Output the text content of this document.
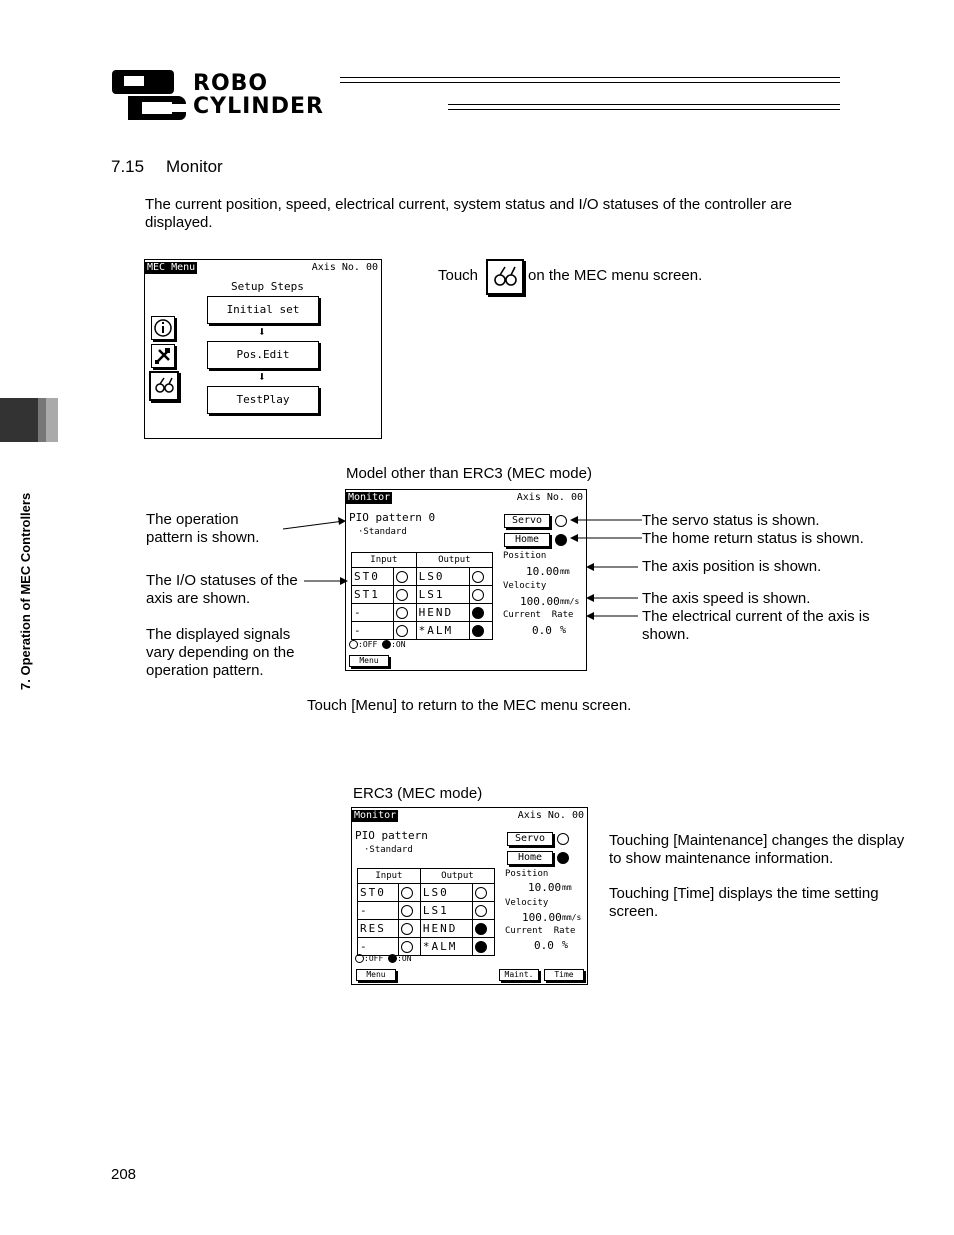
ROBO
CYLINDER
7. Operation of MEC Controllers
7.15 Monitor
The current position, speed, electrical current, system status and I/O statuses of the controller are displayed.
MEC Menu	Axis No. 00
Setup Steps
Initial set
⬇
Pos.Edit
⬇
TestPlay
Touch	on the MEC menu screen.
Model other than ERC3 (MEC mode)
Monitor	Axis No. 00
PIO pattern 0
·Standard
Servo
Home
Position
10.00 mm
Velocity
100.00 mm/s
Current  Rate
0.0 %
Input		Output	
ST0		LS0	
ST1		LS1	
-		HEND	
-		*ALM	
:OFF :ON
Menu
The operation pattern is shown.
The I/O statuses of the axis are shown.
The displayed signals vary depending on the operation pattern.
The servo status is shown.
The home return status is shown.
The axis position is shown.
The axis speed is shown.
The electrical current of the axis is shown.
Touch [Menu] to return to the MEC menu screen.
ERC3 (MEC mode)
Monitor	Axis No. 00
PIO pattern
·Standard
Servo
Home
Position
10.00 mm
Velocity
100.00 mm/s
Current  Rate
0.0 %
Input		Output	
ST0		LS0	
-		LS1	
RES		HEND	
-		*ALM	
:OFF :ON
Menu	Maint.	Time
Touching [Maintenance] changes the display to show maintenance information.
Touching [Time] displays the time setting screen.
208
